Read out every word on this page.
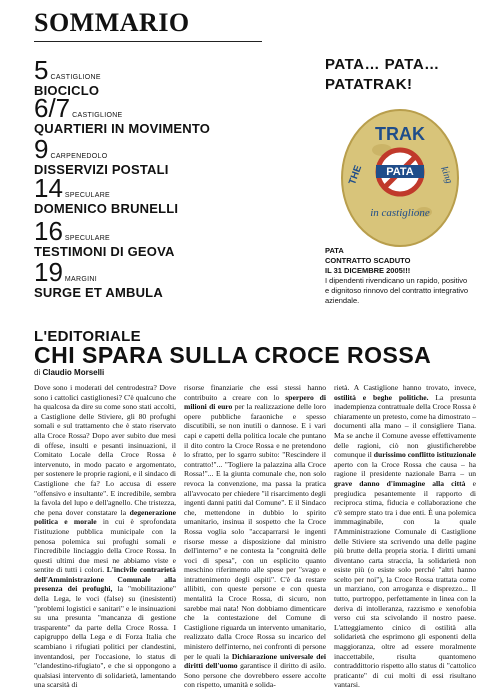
SOMMARIO
5 CASTIGLIONE
BIOCICLO
6/7 CASTIGLIONE
QUARTIERI IN MOVIMENTO
9 CARPENEDOLO
DISSERVIZI POSTALI
14 SPECULARE
DOMENICO BRUNELLI
16 SPECULARE
TESTIMONI DI GEOVA
19 MARGINI
SURGE ET AMBULA
PATA… PATA…
PATATRAK!
TRAK
THE	king
PATA
in castiglione
PATA
CONTRATTO SCADUTO
IL 31 DICEMBRE 2005!!!
I dipendenti rivendicano un rapido, positivo e dignitoso rinnovo del contratto integrativo aziendale.
L'EDITORIALE
CHI SPARA SULLA CROCE ROSSA
di Claudio Morselli

Dove sono i moderati del centrodestra? Dove sono i cattolici castiglionesi? C'è qualcuno che ha qualcosa da dire su come sono stati accolti, a Castiglione delle Stiviere, gli 80 profughi somali e sul trattamento che è stato riservato alla Croce Rossa? Dopo aver subito due mesi di offese, insulti e pesanti insinuazioni, il Comitato Locale della Croce Rossa è intervenuto, in modo pacato e argomentato, per sostenere le proprie ragioni, e il sindaco di Castiglione che fa? Lo accusa di essere "offensivo e insultante". E incredibile, sembra la favola del lupo e dell'agnello. Che tristezza, che pena dover constatare la degenerazione politica e morale in cui è sprofondata l'istituzione pubblica municipale con la penosa polemica sui profughi somali e l'incredibile linciaggio della Croce Rossa. In questi ultimi due mesi ne abbiamo viste e sentite di tutti i colori. L'incivile contrarietà dell'Amministrazione Comunale alla presenza dei profughi, la "mobilitazione" della Lega, le voci (false) su (inesistenti) "problemi logistici e sanitari" e le insinuazioni su una presunta "mancanza di gestione trasparente" da parte della Croce Rossa. I capigruppo della Lega e di Forza Italia che scambiano i rifugiati politici per clandestini, inventandosi, per l'occasione, lo status di "clandestino-rifugiato", e che si oppongono a qualsiasi intervento di solidarietà, lamentando una scarsità di

risorse finanziarie che essi stessi hanno contribuito a creare con lo sperpero di milioni di euro per la realizzazione delle loro opere pubbliche faraoniche e spesso discutibili, se non inutili o dannose. E i vari capi e capetti della politica locale che puntano il dito contro la Croce Rossa e ne pretendono lo sfratto, per lo sgarro subito: "Rescindere il contratto!"... "Togliere la palazzina alla Croce Rossa!"... E la giunta comunale che, non solo revoca la convenzione, ma passa la pratica all'avvocato per chiedere "il risarcimento degli ingenti danni patiti dal Comune". E il Sindaco che, mettendone in dubbio lo spirito umanitario, insinua il sospetto che la Croce Rossa voglia solo "accaparrarsi le ingenti risorse messe a disposizione dal ministro dell'interno" e ne contesta la "congruità delle voci di spesa", con un esplicito quanto meschino riferimento alle spese per "svago e intrattenimento degli ospiti". C'è da restare allibiti, con queste persone e con questa mentalità la Croce Rossa, di sicuro, non sarebbe mai nata! Non dobbiamo dimenticare che la contestazione del Comune di Castiglione riguarda un intervento umanitario, realizzato dalla Croce Rossa su incarico del ministero dell'interno, nei confronti di persone per le quali la Dichiarazione universale dei diritti dell'uomo garantisce il diritto di asilo. Sono persone che dovrebbero essere accolte con rispetto, umanità e solida-

rietà. A Castiglione hanno trovato, invece, ostilità e beghe politiche. La presunta inadempienza contrattuale della Croce Rossa è chiaramente un pretesto, come ha dimostrato – documenti alla mano – il consigliere Tiana. Ma se anche il Comune avesse effettivamente delle ragioni, ciò non giustificherebbe comunque il durissimo conflitto istituzionale aperto con la Croce Rossa che causa – ha ragione il presidente nazionale Barra – un grave danno d'immagine alla città e pregiudica pesantemente il rapporto di reciproca stima, fiducia e collaborazione che c'è sempre stato tra i due enti. È una polemica immmaginabile, con la quale l'Amministrazione Comunale di Castiglione delle Stiviere sta scrivendo una delle pagine più brutte della propria storia. I diritti umani diventano carta straccia, la solidarietà non esiste più (o esiste solo perché "altri hanno scelto per noi"), la Croce Rossa trattata come un marziano, con arroganza e disprezzo... Il tutto, purtroppo, perfettamente in linea con la deriva di intolleranza, razzismo e xenofobia verso cui sta scivolando il nostro paese. L'atteggiamento cinico di ostilità alla solidarietà che esprimono gli esponenti della maggioranza, oltre ad essere moralmente inaccettabile, risulta quantomeno contraddittorio rispetto allo status di "cattolico praticante" di cui molti di essi risultano vantarsi.
